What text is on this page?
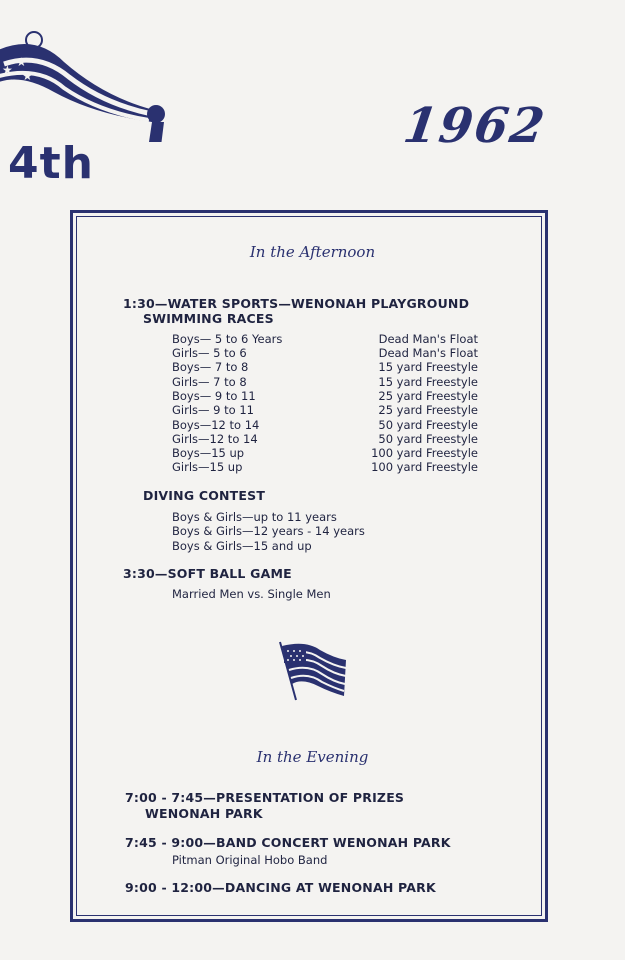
★
★
★
★
4th
1962
In the Afternoon
1:30—WATER SPORTS—WENONAH PLAYGROUND
SWIMMING RACES
Boys— 5 to 6 Years	Dead Man's Float
Girls— 5 to 6	Dead Man's Float
Boys— 7 to 8	15 yard Freestyle
Girls— 7 to 8	15 yard Freestyle
Boys— 9 to 11	25 yard Freestyle
Girls— 9 to 11	25 yard Freestyle
Boys—12 to 14	50 yard Freestyle
Girls—12 to 14	50 yard Freestyle
Boys—15 up	100 yard Freestyle
Girls—15 up	100 yard Freestyle
DIVING CONTEST
Boys & Girls—up to 11 years
Boys & Girls—12 years - 14 years
Boys & Girls—15 and up
3:30—SOFT BALL GAME
Married Men vs. Single Men
In the Evening
7:00 - 7:45—PRESENTATION OF PRIZES
WENONAH PARK
7:45 - 9:00—BAND CONCERT WENONAH PARK
Pitman Original Hobo Band
9:00 - 12:00—DANCING AT WENONAH PARK
